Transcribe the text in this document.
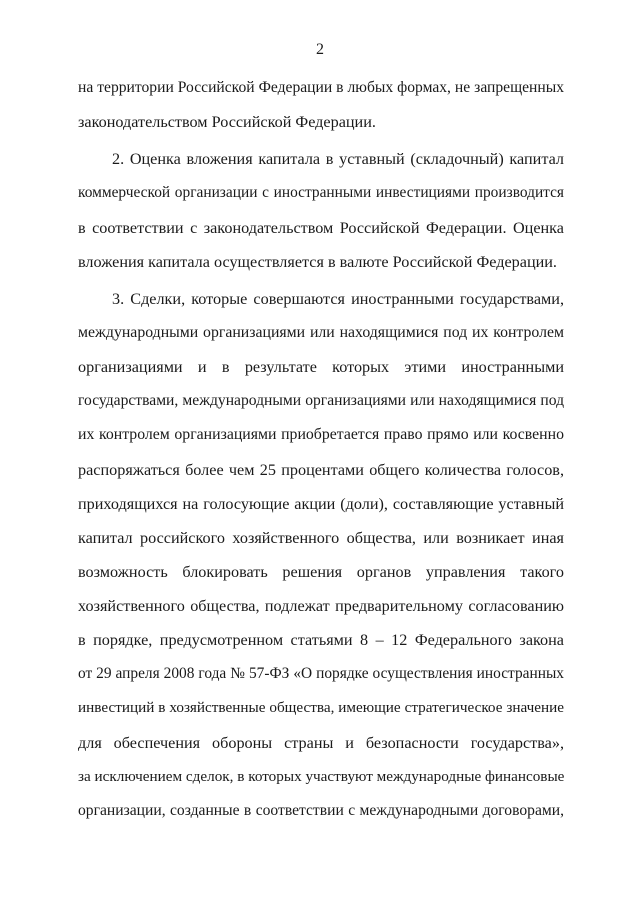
2
на территории Российской Федерации в любых формах, не запрещенных
законодательством Российской Федерации.
2. Оценка вложения капитала в уставный (складочный) капитал
коммерческой организации с иностранными инвестициями производится
в соответствии с законодательством Российской Федерации. Оценка
вложения капитала осуществляется в валюте Российской Федерации.
3. Сделки, которые совершаются иностранными государствами,
международными организациями или находящимися под их контролем
организациями и в результате которых этими иностранными
государствами, международными организациями или находящимися под
их контролем организациями приобретается право прямо или косвенно
распоряжаться более чем 25 процентами общего количества голосов,
приходящихся на голосующие акции (доли), составляющие уставный
капитал российского хозяйственного общества, или возникает иная
возможность блокировать решения органов управления такого
хозяйственного общества, подлежат предварительному согласованию
в порядке, предусмотренном статьями 8 – 12 Федерального закона
от 29 апреля 2008 года № 57-ФЗ «О порядке осуществления иностранных
инвестиций в хозяйственные общества, имеющие стратегическое значение
для обеспечения обороны страны и безопасности государства»,
за исключением сделок, в которых участвуют международные финансовые
организации, созданные в соответствии с международными договорами,
